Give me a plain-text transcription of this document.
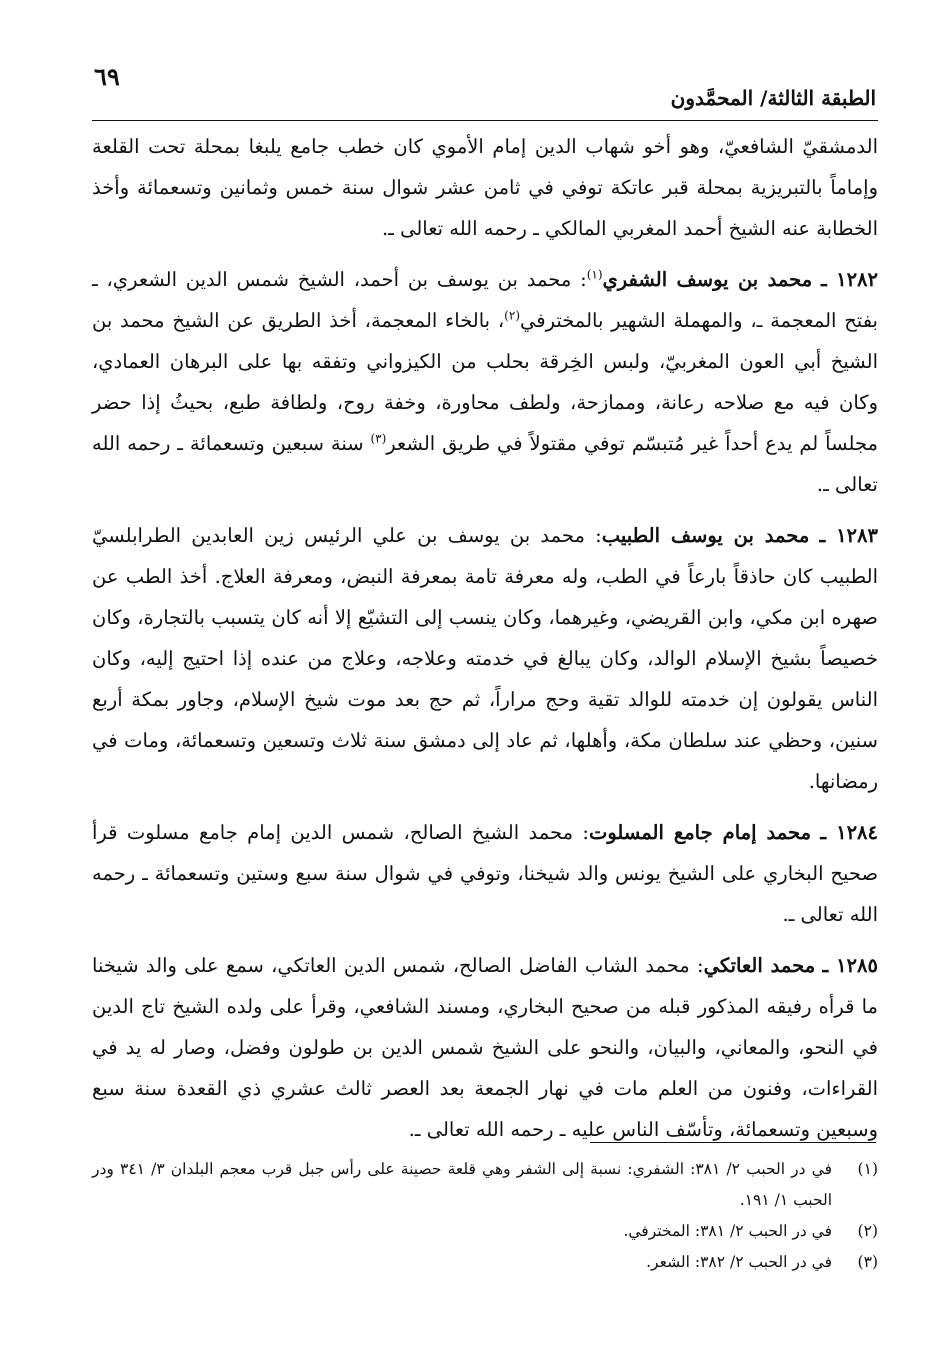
٦٩
الطبقة الثالثة/ المحمَّدون

الدمشقيّ الشافعيّ، وهو أخو شهاب الدين إمام الأموي كان خطب جامع يلبغا بمحلة تحت القلعة وإماماً بالتبريزية بمحلة قبر عاتكة توفي في ثامن عشر شوال سنة خمس وثمانين وتسعمائة وأخذ الخطابة عنه الشيخ أحمد المغربي المالكي ـ رحمه الله تعالى ـ.

١٢٨٢ ـ محمد بن يوسف الشفري$^{(١)}$: محمد بن يوسف بن أحمد، الشيخ شمس الدين الشعري، ـ بفتح المعجمة ـ، والمهملة الشهير بالمخترفي$^{(٢)}$، بالخاء المعجمة، أخذ الطريق عن الشيخ محمد بن الشيخ أبي العون المغربيّ، ولبس الخِرقة بحلب من الكيزواني وتفقه بها على البرهان العمادي، وكان فيه مع صلاحه رعانة، وممازحة، ولطف محاورة، وخفة روح، ولطافة طبع، بحيثُ إذا حضر مجلساً لم يدع أحداً غير مُتبسّم توفي مقتولاً في طريق الشعر$^{(٣)}$ سنة سبعين وتسعمائة ـ رحمه الله تعالى ـ.

١٢٨٣ ـ محمد بن يوسف الطبيب: محمد بن يوسف بن علي الرئيس زين العابدين الطرابلسيّ الطبيب كان حاذقاً بارعاً في الطب، وله معرفة تامة بمعرفة النبض، ومعرفة العلاج. أخذ الطب عن صهره ابن مكي، وابن القريضي، وغيرهما، وكان ينسب إلى التشيّع إلا أنه كان يتسبب بالتجارة، وكان خصيصاً بشيخ الإسلام الوالد، وكان يبالغ في خدمته وعلاجه، وعلاج من عنده إذا احتيج إليه، وكان الناس يقولون إن خدمته للوالد تقية وحج مراراً، ثم حج بعد موت شيخ الإسلام، وجاور بمكة أربع سنين، وحظي عند سلطان مكة، وأهلها، ثم عاد إلى دمشق سنة ثلاث وتسعين وتسعمائة، ومات في رمضانها.

١٢٨٤ ـ محمد إمام جامع المسلوت: محمد الشيخ الصالح، شمس الدين إمام جامع مسلوت قرأ صحيح البخاري على الشيخ يونس والد شيخنا، وتوفي في شوال سنة سبع وستين وتسعمائة ـ رحمه الله تعالى ـ.

١٢٨٥ ـ محمد العاتكي: محمد الشاب الفاضل الصالح، شمس الدين العاتكي، سمع على والد شيخنا ما قرأه رفيقه المذكور قبله من صحيح البخاري، ومسند الشافعي، وقرأ على ولده الشيخ تاج الدين في النحو، والمعاني، والبيان، والنحو على الشيخ شمس الدين بن طولون وفضل، وصار له يد في القراءات، وفنون من العلم مات في نهار الجمعة بعد العصر ثالث عشري ذي القعدة سنة سبع وسبعين وتسعمائة، وتأسّف الناس عليه ـ رحمه الله تعالى ـ.

(١)
في در الحبب ٢/ ٣٨١: الشفري: نسبة إلى الشفر وهي قلعة حصينة على رأس جبل قرب معجم البلدان ٣/ ٣٤١ ودر الحبب ١/ ١٩١.
(٢)
في در الحبب ٢/ ٣٨١: المخترفي.
(٣)
في در الحبب ٢/ ٣٨٢: الشعر.
